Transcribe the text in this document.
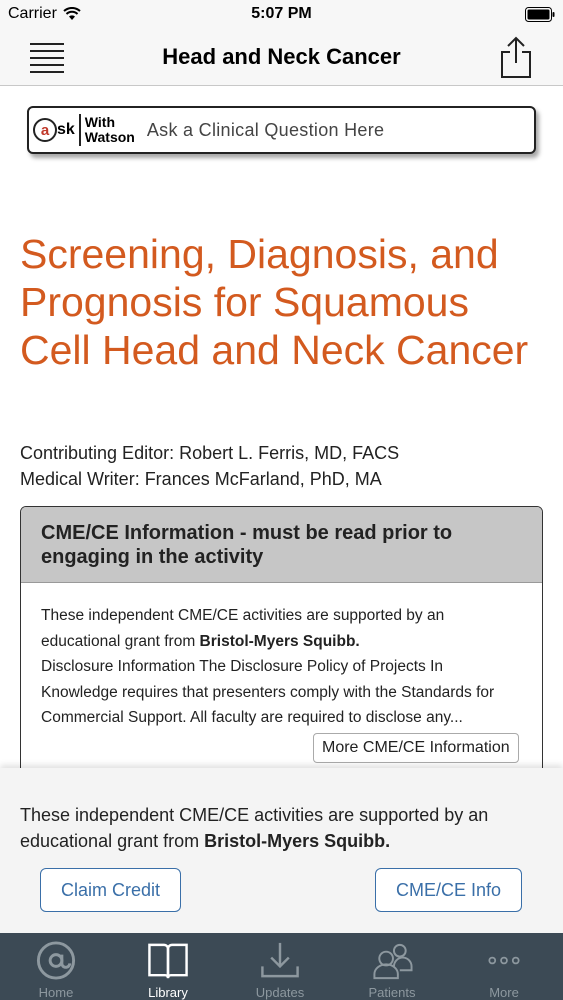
Carrier	5:07 PM
Head and Neck Cancer
a sk With
Watson Ask a Clinical Question Here
Screening, Diagnosis, and Prognosis for Squamous Cell Head and Neck Cancer
Contributing Editor: Robert L. Ferris, MD, FACS
Medical Writer: Frances McFarland, PhD, MA
CME/CE Information - must be read prior to engaging in the activity
These independent CME/CE activities are supported by an educational grant from Bristol-Myers Squibb.
Disclosure Information The Disclosure Policy of Projects In Knowledge requires that presenters comply with the Standards for Commercial Support. All faculty are required to disclose any...
More CME/CE Information
These independent CME/CE activities are supported by an educational grant from Bristol-Myers Squibb.
Claim Credit	CME/CE Info
Home	Library	Updates	Patients	More
